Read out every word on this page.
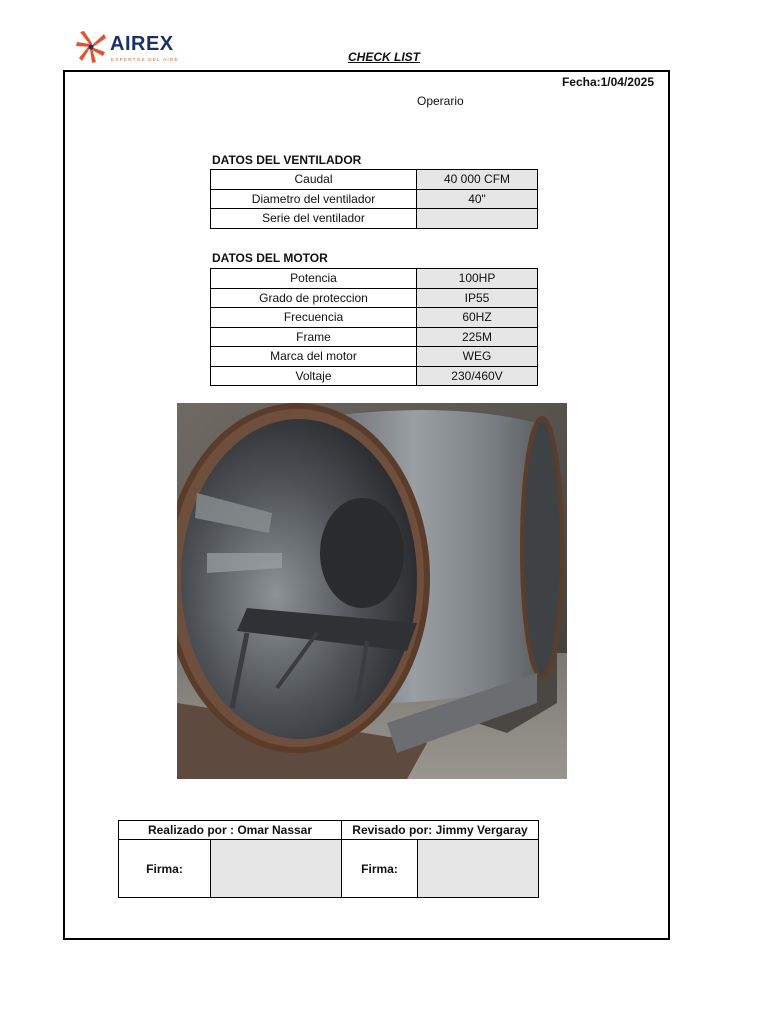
AIREX
EXPERTOS DEL AIRE	CHECK LIST
Fecha:1/04/2025
Operario
DATOS DEL VENTILADOR
Caudal	40 000 CFM
Diametro del ventilador	40"
Serie del ventilador	
DATOS DEL MOTOR
Potencia	100HP
Grado de proteccion	IP55
Frecuencia	60HZ
Frame	225M
Marca del motor	WEG
Voltaje	230/460V
Realizado por : Omar Nassar		Revisado por: Jimmy Vergaray	
Firma:		Firma:	
